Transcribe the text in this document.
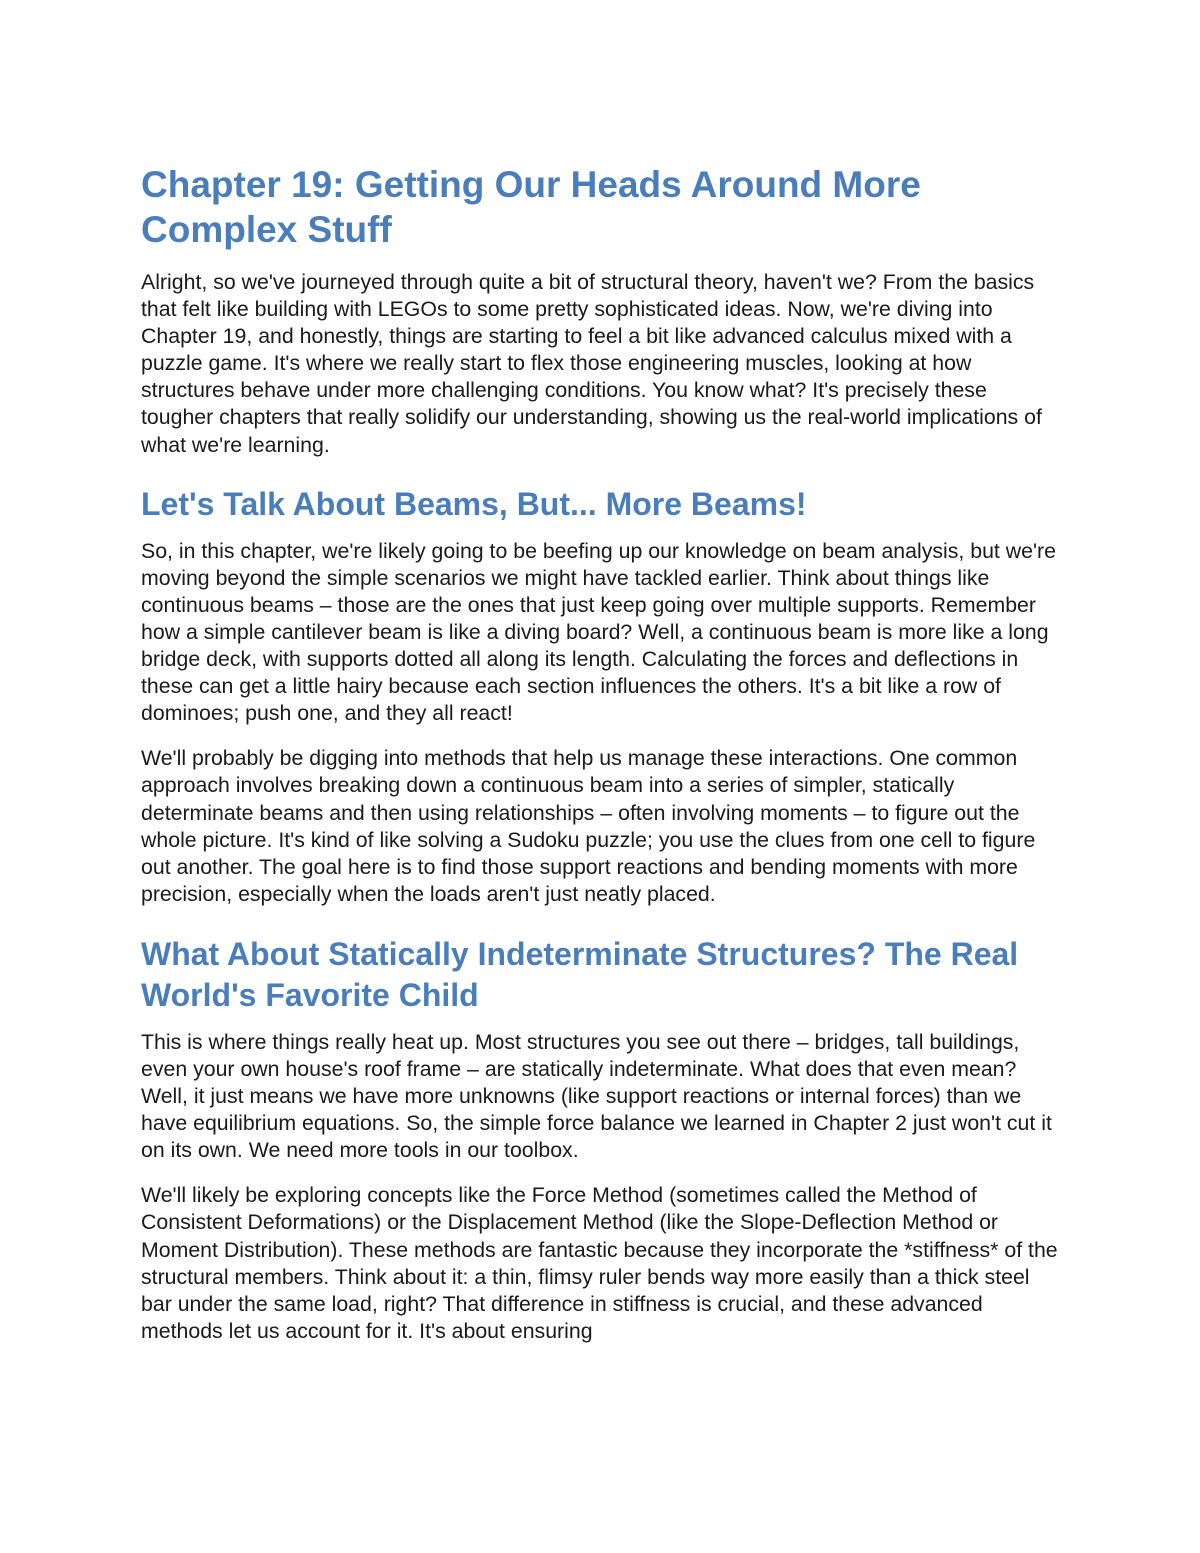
Chapter 19: Getting Our Heads Around More Complex Stuff

Alright, so we've journeyed through quite a bit of structural theory, haven't we? From the basics that felt like building with LEGOs to some pretty sophisticated ideas. Now, we're diving into Chapter 19, and honestly, things are starting to feel a bit like advanced calculus mixed with a puzzle game. It's where we really start to flex those engineering muscles, looking at how structures behave under more challenging conditions. You know what? It's precisely these tougher chapters that really solidify our understanding, showing us the real-world implications of what we're learning.

Let's Talk About Beams, But... More Beams!

So, in this chapter, we're likely going to be beefing up our knowledge on beam analysis, but we're moving beyond the simple scenarios we might have tackled earlier. Think about things like continuous beams – those are the ones that just keep going over multiple supports. Remember how a simple cantilever beam is like a diving board? Well, a continuous beam is more like a long bridge deck, with supports dotted all along its length. Calculating the forces and deflections in these can get a little hairy because each section influences the others. It's a bit like a row of dominoes; push one, and they all react!

We'll probably be digging into methods that help us manage these interactions. One common approach involves breaking down a continuous beam into a series of simpler, statically determinate beams and then using relationships – often involving moments – to figure out the whole picture. It's kind of like solving a Sudoku puzzle; you use the clues from one cell to figure out another. The goal here is to find those support reactions and bending moments with more precision, especially when the loads aren't just neatly placed.

What About Statically Indeterminate Structures? The Real World's Favorite Child

This is where things really heat up. Most structures you see out there – bridges, tall buildings, even your own house's roof frame – are statically indeterminate. What does that even mean? Well, it just means we have more unknowns (like support reactions or internal forces) than we have equilibrium equations. So, the simple force balance we learned in Chapter 2 just won't cut it on its own. We need more tools in our toolbox.

We'll likely be exploring concepts like the Force Method (sometimes called the Method of Consistent Deformations) or the Displacement Method (like the Slope-Deflection Method or Moment Distribution). These methods are fantastic because they incorporate the *stiffness* of the structural members. Think about it: a thin, flimsy ruler bends way more easily than a thick steel bar under the same load, right? That difference in stiffness is crucial, and these advanced methods let us account for it. It's about ensuring
